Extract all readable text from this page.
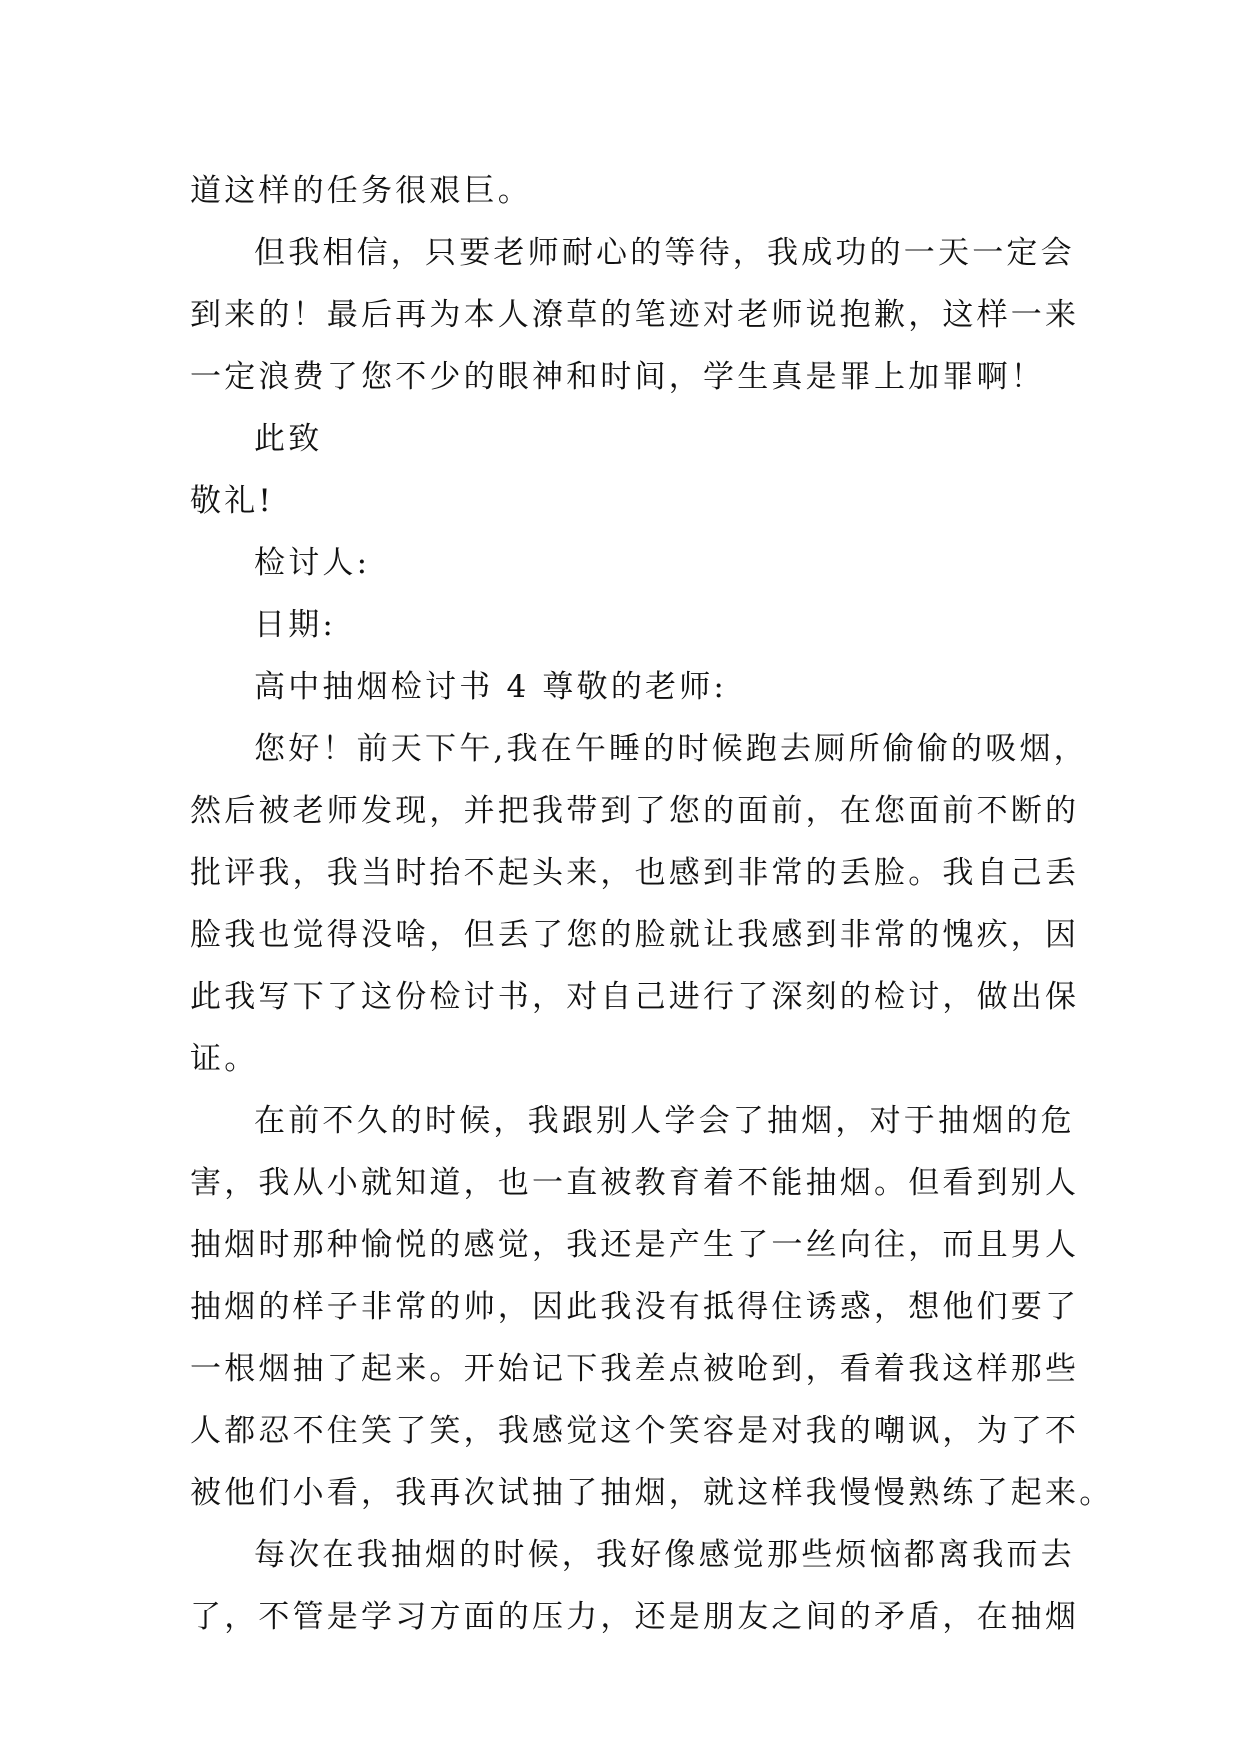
道这样的任务很艰巨。
但我相信，只要老师耐心的等待，我成功的一天一定会
到来的！最后再为本人潦草的笔迹对老师说抱歉，这样一来
一定浪费了您不少的眼神和时间，学生真是罪上加罪啊！
此致
敬礼!
检讨人:
日期:
高中抽烟检讨书 4 尊敬的老师:
您好！前天下午,我在午睡的时候跑去厕所偷偷的吸烟，
然后被老师发现，并把我带到了您的面前，在您面前不断的
批评我，我当时抬不起头来，也感到非常的丢脸。我自己丢
脸我也觉得没啥，但丢了您的脸就让我感到非常的愧疚，因
此我写下了这份检讨书，对自己进行了深刻的检讨，做出保
证。
在前不久的时候，我跟别人学会了抽烟，对于抽烟的危
害，我从小就知道，也一直被教育着不能抽烟。但看到别人
抽烟时那种愉悦的感觉，我还是产生了一丝向往，而且男人
抽烟的样子非常的帅，因此我没有抵得住诱惑，想他们要了
一根烟抽了起来。开始记下我差点被呛到，看着我这样那些
人都忍不住笑了笑，我感觉这个笑容是对我的嘲讽，为了不
被他们小看，我再次试抽了抽烟，就这样我慢慢熟练了起来。
每次在我抽烟的时候，我好像感觉那些烦恼都离我而去
了，不管是学习方面的压力，还是朋友之间的矛盾，在抽烟
